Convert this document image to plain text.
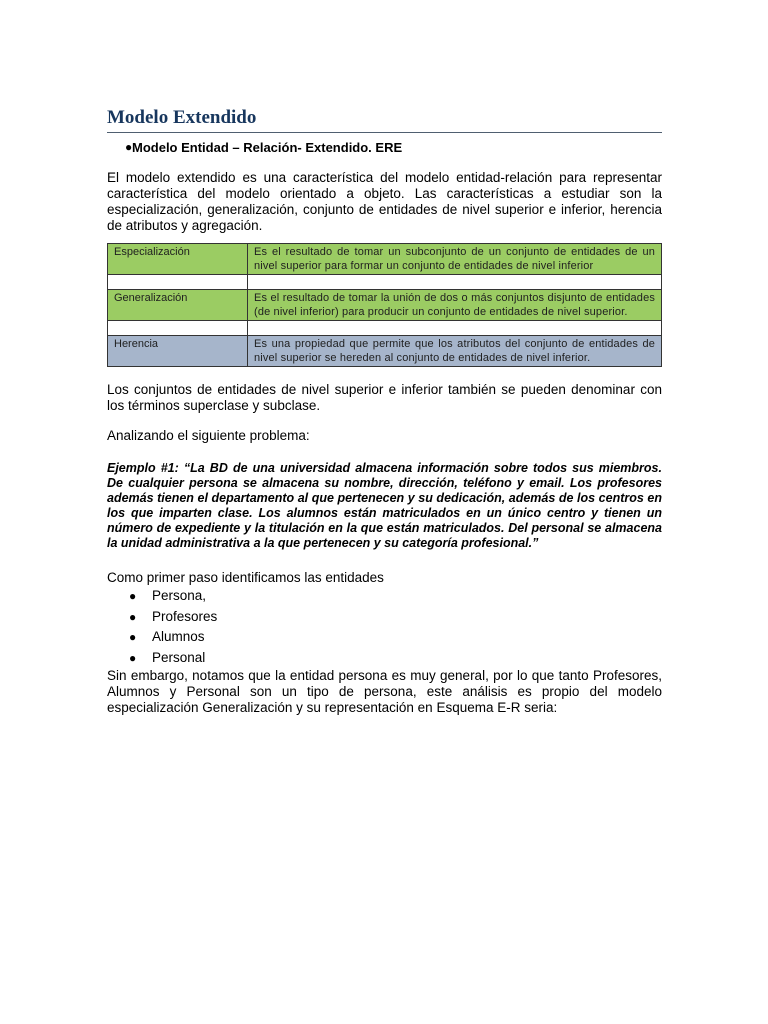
Modelo Extendido
● Modelo Entidad – Relación- Extendido. ERE

El modelo extendido es una característica del modelo entidad-relación para representar característica del modelo orientado a objeto. Las características a estudiar son la especialización, generalización, conjunto de entidades de nivel superior e inferior, herencia de atributos y agregación.

Especialización	Es el resultado de tomar un subconjunto de un conjunto de entidades de un nivel superior para formar un conjunto de entidades de nivel inferior

Generalización	Es el resultado de tomar la unión de dos o más conjuntos disjunto de entidades (de nivel inferior) para producir un conjunto de entidades de nivel superior.

Herencia	Es una propiedad que permite que los atributos del conjunto de entidades de nivel superior se hereden al conjunto de entidades de nivel inferior.

Los conjuntos de entidades de nivel superior e inferior también se pueden denominar con los términos superclase y subclase.

Analizando el siguiente problema:

Ejemplo #1: “La BD de una universidad almacena información sobre todos sus miembros. De cualquier persona se almacena su nombre, dirección, teléfono y email. Los profesores además tienen el departamento al que pertenecen y su dedicación, además de los centros en los que imparten clase. Los alumnos están matriculados en un único centro y tienen un número de expediente y la titulación en la que están matriculados. Del personal se almacena la unidad administrativa a la que pertenecen y su categoría profesional.”

Como primer paso identificamos las entidades

●	Persona,
●	Profesores
●	Alumnos
●	Personal

Sin embargo, notamos que la entidad persona es muy general, por lo que tanto Profesores, Alumnos y Personal son un tipo de persona, este análisis es propio del modelo especialización Generalización y su representación en Esquema E-R seria:
